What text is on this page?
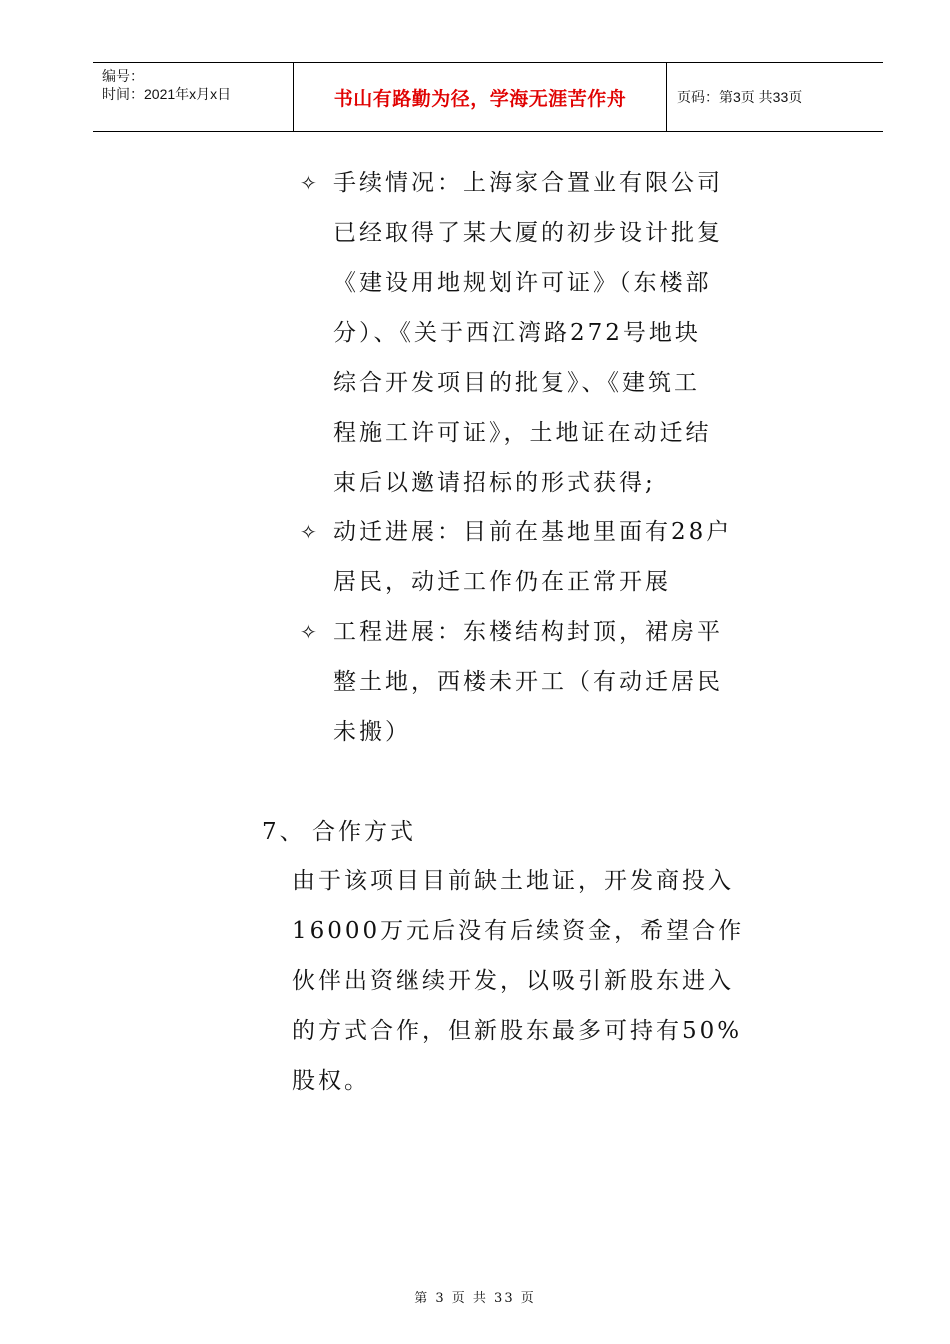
编号：
时间：2021年x月x日	书山有路勤为径，学海无涯苦作舟	页码：第3页 共33页
✧ 手续情况：上海家合置业有限公司
已经取得了某大厦的初步设计批复
《建设用地规划许可证》（东楼部
分）、《关于西江湾路272号地块
综合开发项目的批复》、《建筑工
程施工许可证》，土地证在动迁结
束后以邀请招标的形式获得;
✧ 动迁进展：目前在基地里面有28户
居民，动迁工作仍在正常开展
✧ 工程进展：东楼结构封顶，裙房平
整土地，西楼未开工（有动迁居民
未搬）
7、 合作方式
由于该项目目前缺土地证，开发商投入
16000万元后没有后续资金，希望合作
伙伴出资继续开发，以吸引新股东进入
的方式合作，但新股东最多可持有50%
股权。
第 3 页 共 33 页
